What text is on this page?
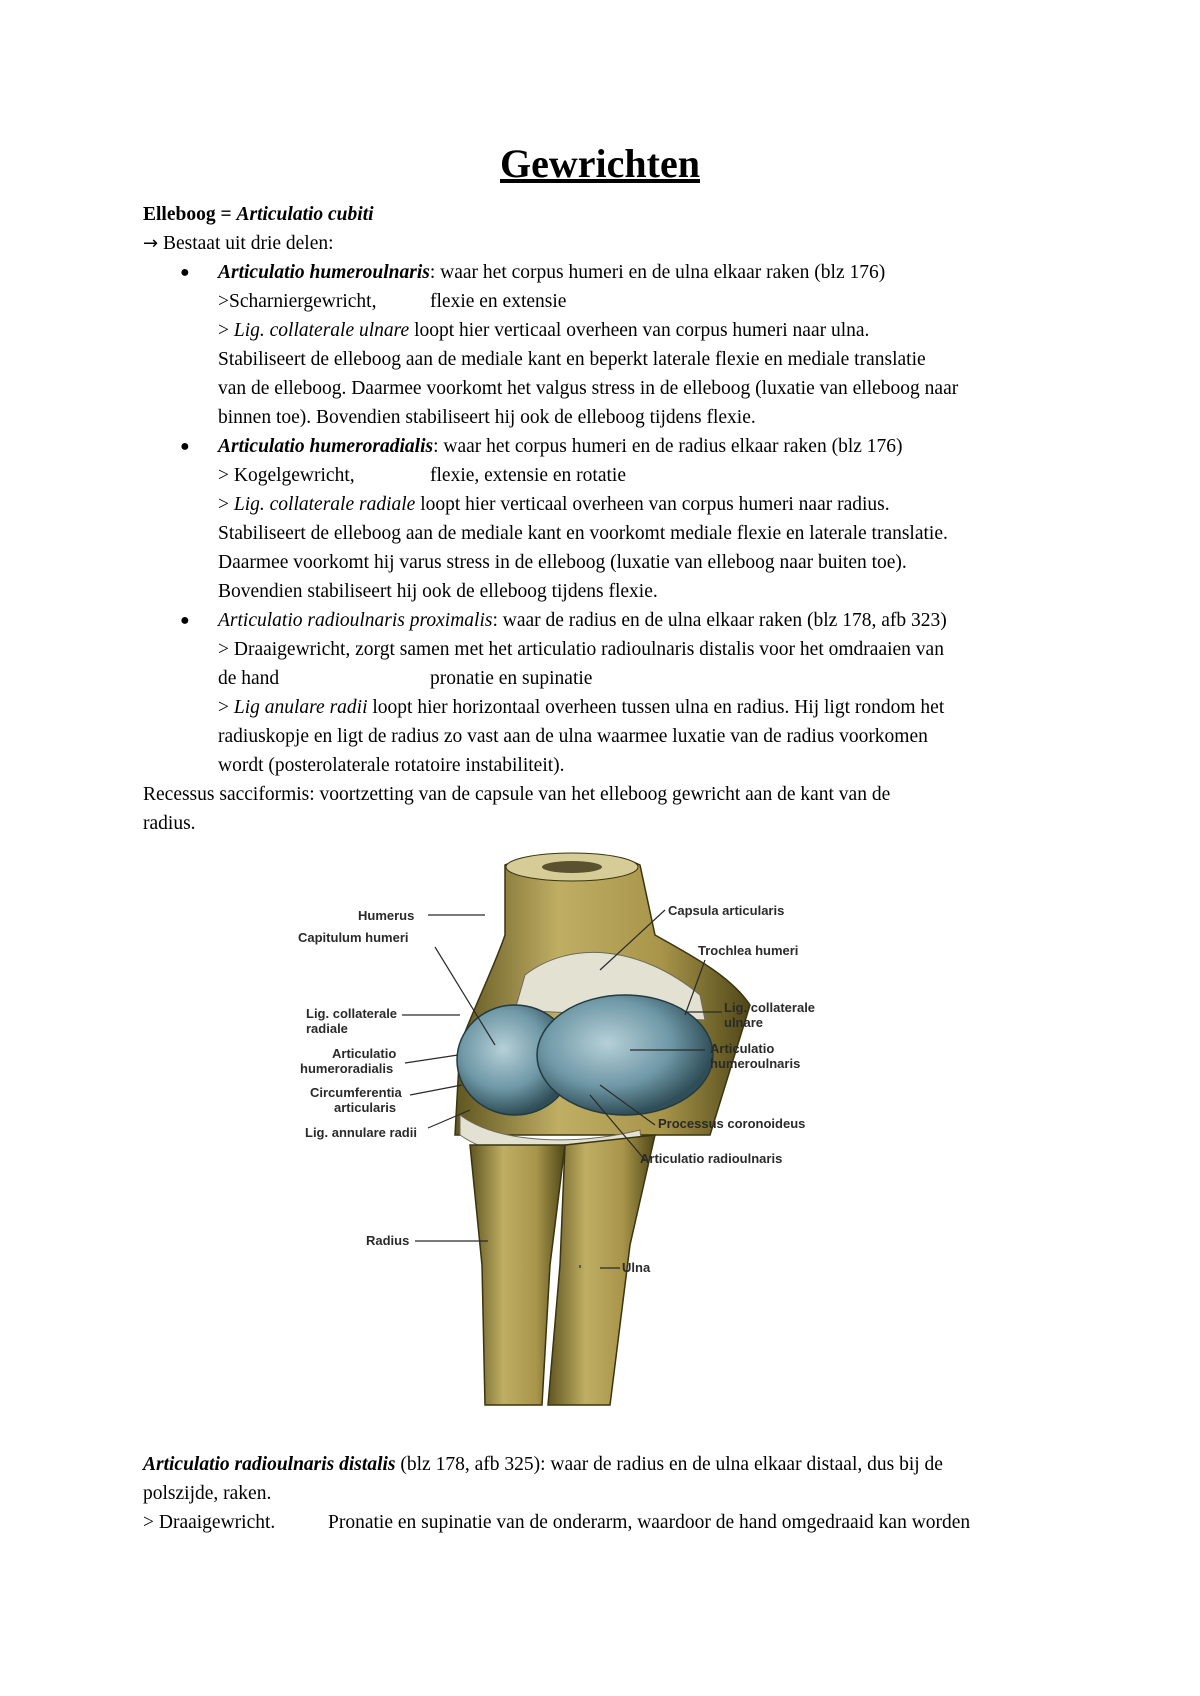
Gewrichten
Elleboog = Articulatio cubiti
→ Bestaat uit drie delen:
● Articulatio humeroulnaris: waar het corpus humeri en de ulna elkaar raken (blz 176)
>Scharniergewricht,	flexie en extensie
> Lig. collaterale ulnare loopt hier verticaal overheen van corpus humeri naar ulna.
Stabiliseert de elleboog aan de mediale kant en beperkt laterale flexie en mediale translatie
van de elleboog. Daarmee voorkomt het valgus stress in de elleboog (luxatie van elleboog naar
binnen toe). Bovendien stabiliseert hij ook de elleboog tijdens flexie.
● Articulatio humeroradialis: waar het corpus humeri en de radius elkaar raken (blz 176)
> Kogelgewricht,	flexie, extensie en rotatie
> Lig. collaterale radiale loopt hier verticaal overheen van corpus humeri naar radius.
Stabiliseert de elleboog aan de mediale kant en voorkomt mediale flexie en laterale translatie.
Daarmee voorkomt hij varus stress in de elleboog (luxatie van elleboog naar buiten toe).
Bovendien stabiliseert hij ook de elleboog tijdens flexie.
● Articulatio radioulnaris proximalis: waar de radius en de ulna elkaar raken (blz 178, afb 323)
> Draaigewricht, zorgt samen met het articulatio radioulnaris distalis voor het omdraaien van
de hand	pronatie en supinatie
> Lig anulare radii loopt hier horizontaal overheen tussen ulna en radius. Hij ligt rondom het
radiuskopje en ligt de radius zo vast aan de ulna waarmee luxatie van de radius voorkomen
wordt (posterolaterale rotatoire instabiliteit).
Recessus sacciformis: voortzetting van de capsule van het elleboog gewricht aan de kant van de
radius.
Humerus	Capsula articularis
Trochlea humeri
Capitulum humeri
Lig. collaterale
radiale
Lig. collaterale
ulnare
Articulatio
humeroradialis
Articulatio
humeroulnaris
Circumferentia
articularis
Processus coronoideus
Lig. annulare radii
Articulatio radioulnaris
Radius
Ulna
Articulatio radioulnaris distalis (blz 178, afb 325): waar de radius en de ulna elkaar distaal, dus bij de
polszijde, raken.
> Draaigewricht.	Pronatie en supinatie van de onderarm, waardoor de hand omgedraaid kan worden
